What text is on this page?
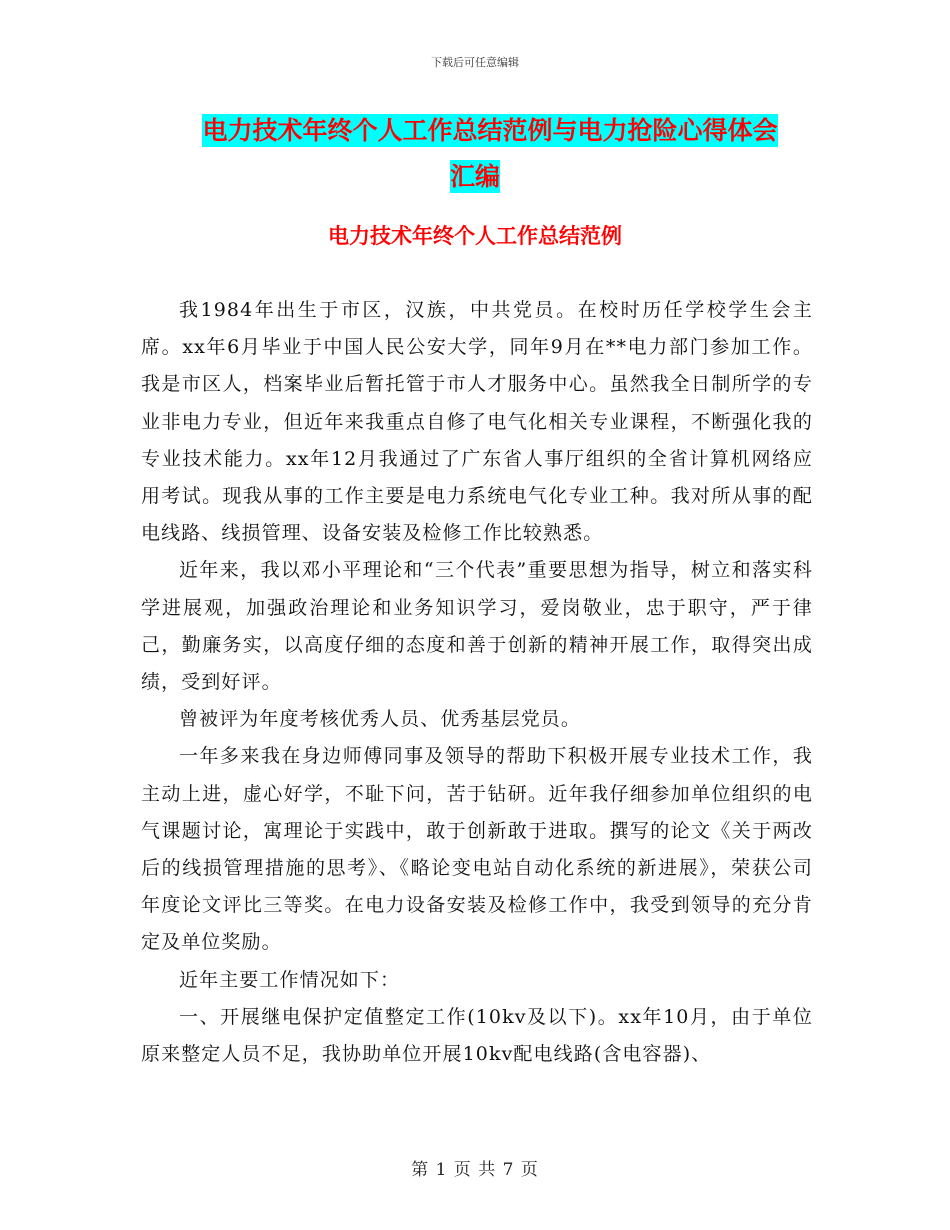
下载后可任意编辑
电力技术年终个人工作总结范例与电力抢险心得体会
汇编
电力技术年终个人工作总结范例

我1984年出生于市区，汉族，中共党员。在校时历任学校学生会主席。xx年6月毕业于中国人民公安大学，同年9月在**电力部门参加工作。我是市区人，档案毕业后暂托管于市人才服务中心。虽然我全日制所学的专业非电力专业，但近年来我重点自修了电气化相关专业课程，不断强化我的专业技术能力。xx年12月我通过了广东省人事厅组织的全省计算机网络应用考试。现我从事的工作主要是电力系统电气化专业工种。我对所从事的配电线路、线损管理、设备安装及检修工作比较熟悉。

近年来，我以邓小平理论和“三个代表”重要思想为指导，树立和落实科学进展观，加强政治理论和业务知识学习，爱岗敬业，忠于职守，严于律己，勤廉务实，以高度仔细的态度和善于创新的精神开展工作，取得突出成绩，受到好评。

曾被评为年度考核优秀人员、优秀基层党员。

一年多来我在身边师傅同事及领导的帮助下积极开展专业技术工作，我主动上进，虚心好学，不耻下问，苦于钻研。近年我仔细参加单位组织的电气课题讨论，寓理论于实践中，敢于创新敢于进取。撰写的论文《关于两改后的线损管理措施的思考》、《略论变电站自动化系统的新进展》，荣获公司年度论文评比三等奖。在电力设备安装及检修工作中，我受到领导的充分肯定及单位奖励。

近年主要工作情况如下：

一、开展继电保护定值整定工作(10kv及以下)。xx年10月，由于单位原来整定人员不足，我协助单位开展10kv配电线路(含电容器)、

第 1 页 共 7 页
